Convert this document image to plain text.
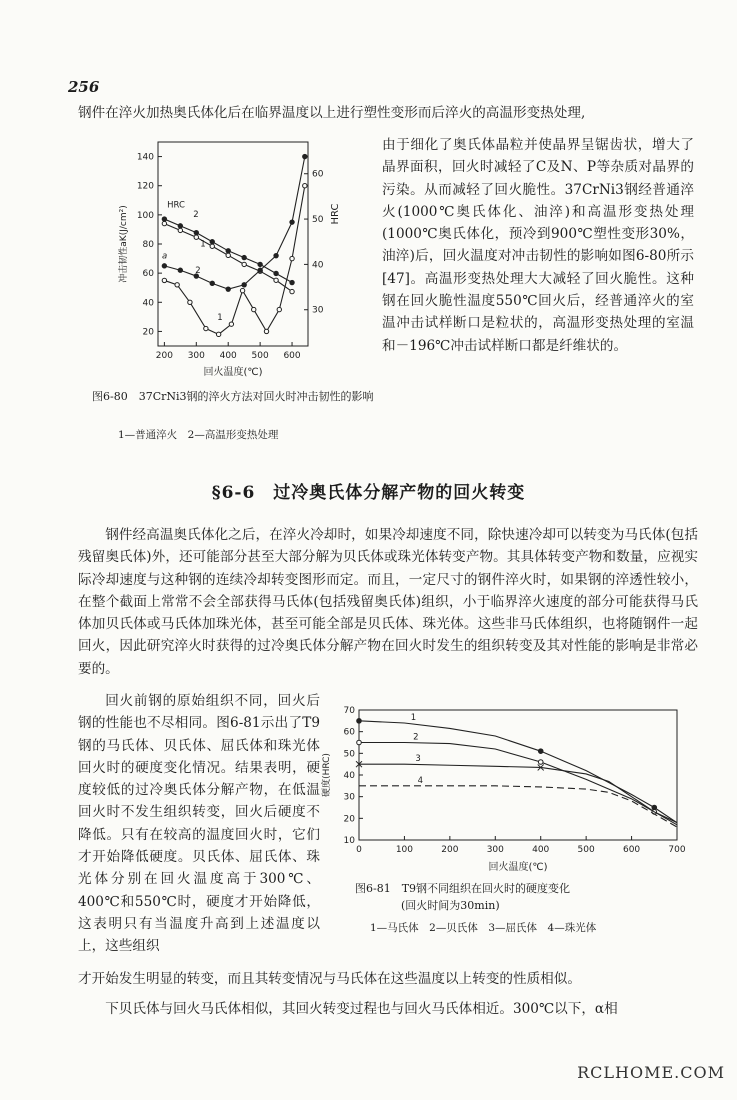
256
钢件在淬火加热奥氏体化后在临界温度以上进行塑性变形而后淬火的高温形变热处理,

由于细化了奥氏体晶粒并使晶界呈锯齿状，增大了晶界面积，回火时减轻了C及N、P等杂质对晶界的污染。从而减轻了回火脆性。37CrNi3钢经普通淬火(1000℃奥氏体化、油淬)和高温形变热处理(1000℃奥氏体化，预冷到900℃塑性变形30%，油淬)后，回火温度对冲击韧性的影响如图6-80所示[47]。高温形变热处理大大减轻了回火脆性。这种钢在回火脆性温度550℃回火后，经普通淬火的室温冲击试样断口是粒状的，高温形变热处理的室温和－196℃冲击试样断口都是纤维状的。

200 300 400 500 600
20
40
60
80
100
120
140
30
40
50
60
回火温度(℃)
冲击韧性aK(J/cm²)	HRC
HRC
2
1
a
2
1
图6-80　37CrNi3钢的淬火方法对回火时冲击韧性的影响
1—普通淬火　2—高温形变热处理
§6-6　过冷奥氏体分解产物的回火转变

钢件经高温奥氏体化之后，在淬火冷却时，如果冷却速度不同，除快速冷却可以转变为马氏体(包括残留奥氏体)外，还可能部分甚至大部分解为贝氏体或珠光体转变产物。其具体转变产物和数量，应视实际冷却速度与这种钢的连续冷却转变图形而定。而且，一定尺寸的钢件淬火时，如果钢的淬透性较小，在整个截面上常常不会全部获得马氏体(包括残留奥氏体)组织，小于临界淬火速度的部分可能获得马氏体加贝氏体或马氏体加珠光体，甚至可能全部是贝氏体、珠光体。这些非马氏体组织，也将随钢件一起回火，因此研究淬火时获得的过冷奥氏体分解产物在回火时发生的组织转变及其对性能的影响是非常必要的。

回火前钢的原始组织不同，回火后钢的性能也不尽相同。图6-81示出了T9钢的马氏体、贝氏体、屈氏体和珠光体回火时的硬度变化情况。结果表明，硬度较低的过冷奥氏体分解产物，在低温回火时不发生组织转变，回火后硬度不降低。只有在较高的温度回火时，它们才开始降低硬度。贝氏体、屈氏体、珠光体分别在回火温度高于300℃、400℃和550℃时，硬度才开始降低，这表明只有当温度升高到上述温度以上，这些组织

0	100	200	300	400	500	600	700
10
20
30
40
50
60
70
回火温度(℃)
硬度(HRC)
1
2
3
4
图6-81　T9钢不同组织在回火时的硬度变化
(回火时间为30min)
1—马氏体　2—贝氏体　3—屈氏体　4—珠光体

才开始发生明显的转变，而且其转变情况与马氏体在这些温度以上转变的性质相似。

下贝氏体与回火马氏体相似，其回火转变过程也与回火马氏体相近。300℃以下，α相

RCLHOME.COM
